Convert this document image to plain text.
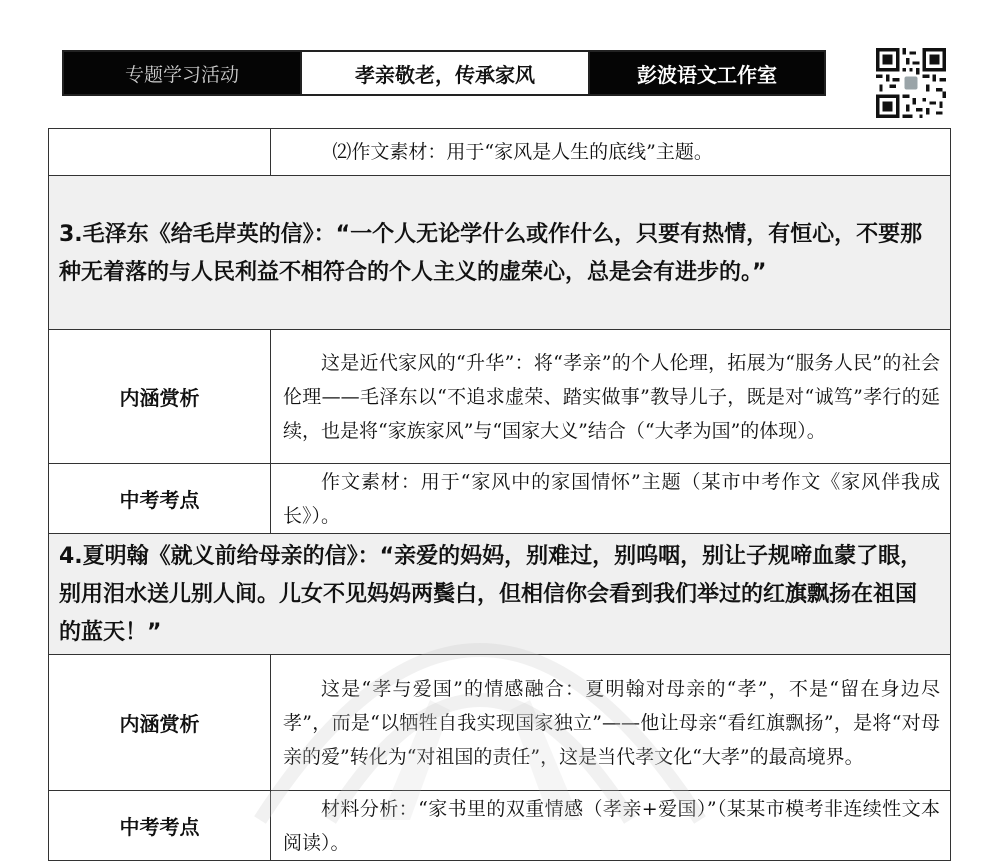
专题学习活动	孝亲敬老，传承家风	彭波语文工作室
	⑵作文素材：用于“家风是人生的底线”主题。
3.毛泽东《给毛岸英的信》：“一个人无论学什么或作什么，只要有热情，有恒心，不要那种无着落的与人民利益不相符合的个人主义的虚荣心，总是会有进步的。”	
内涵赏析	这是近代家风的“升华”：将“孝亲”的个人伦理，拓展为“服务人民”的社会伦理——毛泽东以“不追求虚荣、踏实做事”教导儿子，既是对“诚笃”孝行的延续，也是将“家族家风”与“国家大义”结合（“大孝为国”的体现）。
中考考点	作文素材：用于“家风中的家国情怀”主题（某市中考作文《家风伴我成长》）。
4.夏明翰《就义前给母亲的信》：“亲爱的妈妈，别难过，别呜咽，别让子规啼血蒙了眼，别用泪水送儿别人间。儿女不见妈妈两鬓白，但相信你会看到我们举过的红旗飘扬在祖国的蓝天！”	
内涵赏析	这是“孝与爱国”的情感融合：夏明翰对母亲的“孝”，不是“留在身边尽孝”，而是“以牺牲自我实现国家独立”——他让母亲“看红旗飘扬”，是将“对母亲的爱”转化为“对祖国的责任”，这是当代孝文化“大孝”的最高境界。
中考考点	材料分析：“家书里的双重情感（孝亲+爱国）”（某某市模考非连续性文本阅读）。
